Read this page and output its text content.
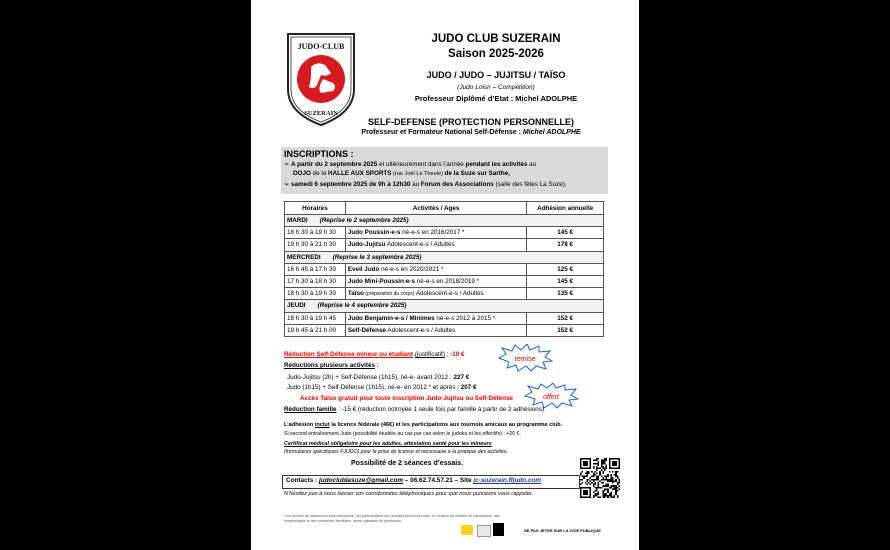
JUDO-CLUB
SUZERAIN
JUDO CLUB SUZERAIN
Saison 2025-2026
JUDO / JUDO – JUJITSU / TAÏSO
(Judo Loisir – Compétition)
Professeur Diplômé d’Etat : Michel ADOLPHE
SELF-DEFENSE (PROTECTION PERSONNELLE)
Professeur et Formateur National Self-Défense : Michel ADOLPHE
INSCRIPTIONS :
➢ A partir du 2 septembre 2025 et ultérieurement dans l’année pendant les activités au
DOJO de la HALLE AUX SPORTS (rue Joël Le Theule) de la Suze sur Sarthe,
➢ samedi 6 septembre 2025 de 9h à 12h30 au Forum des Associations (salle des fêtes La Suze).
Horaires	Activités / Ages	Adhésion annuelle
MARDI (Reprise le 2 septembre 2025)		
18 h 30 à 19 h 30	Judo Poussin-e-s né-e-s en 2016/2017 *	145 €
19 h 30 à 21 h 30	Judo-Jujitsu Adolescent-e-s / Adultes	178 €
MERCREDI (Reprise le 3 septembre 2025)		
16 h 45 à 17 h 30	Eveil Judo né-e-s en 2020/2021 *	125 €
17 h 30 à 18 h 30	Judo Mini-Poussin-e-s né-e-s en 2018/2019 *	145 €
18 h 30 à 19 h 30	Taïso (préparation du corps) Adolescent-e-s / Adultes	135 €
JEUDI (Reprise le 4 septembre 2025)		
18 h 30 à 19 h 45	Judo Benjamin-e-s / Minimes né-e-s 2012 à 2015 *	152 €
19 h 45 à 21 h 00	Self-Défense Adolescent-e-s / Adultes	152 €
Réduction Self-Défense mineur ou étudiant (justificatif) : -10 €
remise
Réductions plusieurs activités :
Judo-Jujitsu (2h) + Self-Défense (1h15), né-e- avant 2012 : 227 €
Judo (1h15) + Self-Défense (1h15), né-e- en 2012 * et après : 207 €
offert
Accès Taïso gratuit pour toute inscription Judo-Jujitsu ou Self-Défense
Réduction famille : -15 € (réduction octroyée 1 seule fois par famille à partir de 2 adhésions)
L’adhésion inclut la licence fédérale (46€) et les participations aux tournois amicaux au programme club.
Si second entraînement Judo (possibilité étudiée au cas par cas selon le judoka et les effectifs) : +20 €.
Certificat médical obligatoire pour les adultes, attestation santé pour les mineurs
(formulaires spécifiques FJUDO) pour la prise de licence et nécessaire à la pratique des activités.
Possibilité de 2 séances d’essais.
Contacts : judoclublasuze@gmail.com – 06.62.74.57.21 – Site jc-suzerain.ffjudo.com
N’hésitez pas à nous laisser vos coordonnées téléphoniques pour que nous puissions vous rappeler.
* les années de naissances sont indicatives. Les participations aux activités peuvent évoluer en fonction du nombre de participants, des
morphologies et des contraintes familiales, après validation du professeur.
NE PAS JETER SUR LA VOIE PUBLIQUE
